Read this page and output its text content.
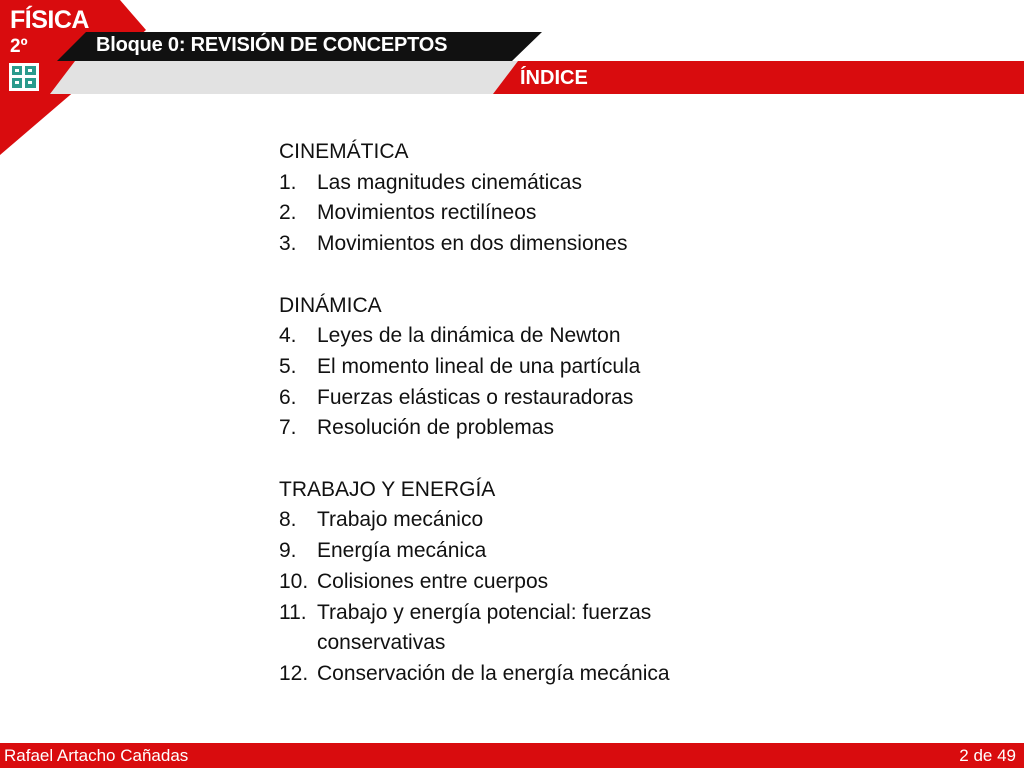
FÍSICA
2º	Bloque 0: REVISIÓN DE CONCEPTOS
ÍNDICE
CINEMÁTICA
1. Las magnitudes cinemáticas
2. Movimientos rectilíneos
3. Movimientos en dos dimensiones
DINÁMICA
4. Leyes de la dinámica de Newton
5. El momento lineal de una partícula
6. Fuerzas elásticas o restauradoras
7. Resolución de problemas
TRABAJO Y ENERGÍA
8. Trabajo mecánico
9. Energía mecánica
10. Colisiones entre cuerpos
11. Trabajo y energía potencial: fuerzas
conservativas
12. Conservación de la energía mecánica
Rafael Artacho Cañadas	2 de 49
